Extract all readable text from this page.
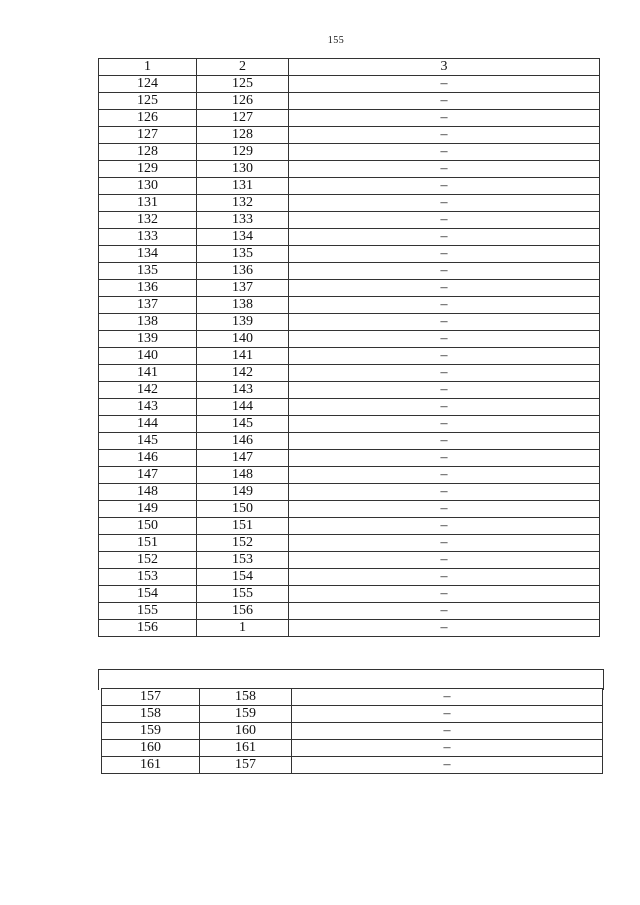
155
1	2	3
124	125	–
125	126	–
126	127	–
127	128	–
128	129	–
129	130	–
130	131	–
131	132	–
132	133	–
133	134	–
134	135	–
135	136	–
136	137	–
137	138	–
138	139	–
139	140	–
140	141	–
141	142	–
142	143	–
143	144	–
144	145	–
145	146	–
146	147	–
147	148	–
148	149	–
149	150	–
150	151	–
151	152	–
152	153	–
153	154	–
154	155	–
155	156	–
156	1	–
157	158	–
158	159	–
159	160	–
160	161	–
161	157	–
